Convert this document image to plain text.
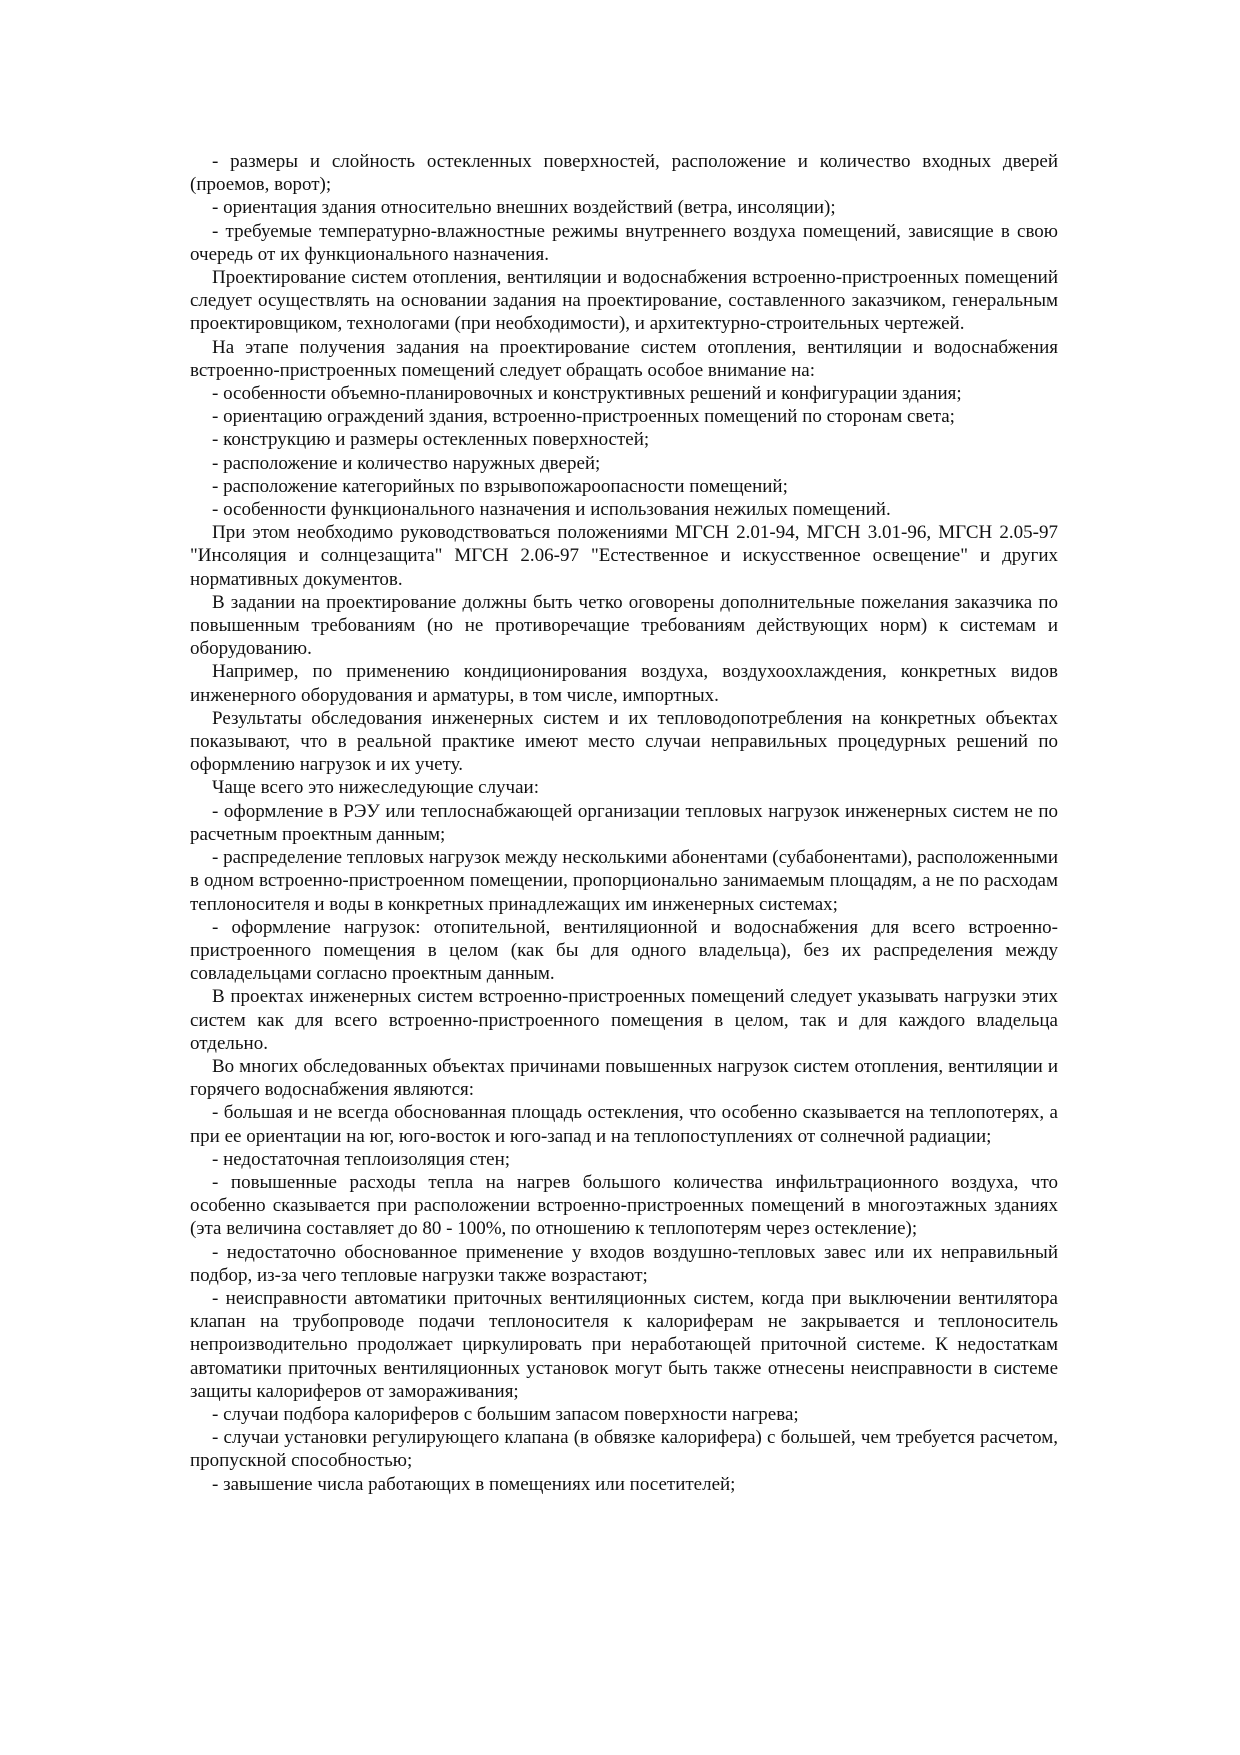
- размеры и слойность остекленных поверхностей, расположение и количество входных дверей (проемов, ворот);

- ориентация здания относительно внешних воздействий (ветра, инсоляции);

- требуемые температурно-влажностные режимы внутреннего воздуха помещений, зависящие в свою очередь от их функционального назначения.

Проектирование систем отопления, вентиляции и водоснабжения встроенно-пристроенных помещений следует осуществлять на основании задания на проектирование, составленного заказчиком, генеральным проектировщиком, технологами (при необходимости), и архитектурно-строительных чертежей.

На этапе получения задания на проектирование систем отопления, вентиляции и водоснабжения встроенно-пристроенных помещений следует обращать особое внимание на:

- особенности объемно-планировочных и конструктивных решений и конфигурации здания;

- ориентацию ограждений здания, встроенно-пристроенных помещений по сторонам света;

- конструкцию и размеры остекленных поверхностей;

- расположение и количество наружных дверей;

- расположение категорийных по взрывопожароопасности помещений;

- особенности функционального назначения и использования нежилых помещений.

При этом необходимо руководствоваться положениями МГСН 2.01-94, МГСН 3.01-96, МГСН 2.05-97 "Инсоляция и солнцезащита" МГСН 2.06-97 "Естественное и искусственное освещение" и других нормативных документов.

В задании на проектирование должны быть четко оговорены дополнительные пожелания заказчика по повышенным требованиям (но не противоречащие требованиям действующих норм) к системам и оборудованию.

Например, по применению кондиционирования воздуха, воздухоохлаждения, конкретных видов инженерного оборудования и арматуры, в том числе, импортных.

Результаты обследования инженерных систем и их тепловодопотребления на конкретных объектах показывают, что в реальной практике имеют место случаи неправильных процедурных решений по оформлению нагрузок и их учету.

Чаще всего это нижеследующие случаи:

- оформление в РЭУ или теплоснабжающей организации тепловых нагрузок инженерных систем не по расчетным проектным данным;

- распределение тепловых нагрузок между несколькими абонентами (субабонентами), расположенными в одном встроенно-пристроенном помещении, пропорционально занимаемым площадям, а не по расходам теплоносителя и воды в конкретных принадлежащих им инженерных системах;

- оформление нагрузок: отопительной, вентиляционной и водоснабжения для всего встроенно-пристроенного помещения в целом (как бы для одного владельца), без их распределения между совладельцами согласно проектным данным.

В проектах инженерных систем встроенно-пристроенных помещений следует указывать нагрузки этих систем как для всего встроенно-пристроенного помещения в целом, так и для каждого владельца отдельно.

Во многих обследованных объектах причинами повышенных нагрузок систем отопления, вентиляции и горячего водоснабжения являются:

- большая и не всегда обоснованная площадь остекления, что особенно сказывается на теплопотерях, а при ее ориентации на юг, юго-восток и юго-запад и на теплопоступлениях от солнечной радиации;

- недостаточная теплоизоляция стен;

- повышенные расходы тепла на нагрев большого количества инфильтрационного воздуха, что особенно сказывается при расположении встроенно-пристроенных помещений в многоэтажных зданиях (эта величина составляет до 80 - 100%, по отношению к теплопотерям через остекление);

- недостаточно обоснованное применение у входов воздушно-тепловых завес или их неправильный подбор, из-за чего тепловые нагрузки также возрастают;

- неисправности автоматики приточных вентиляционных систем, когда при выключении вентилятора клапан на трубопроводе подачи теплоносителя к калориферам не закрывается и теплоноситель непроизводительно продолжает циркулировать при неработающей приточной системе. К недостаткам автоматики приточных вентиляционных установок могут быть также отнесены неисправности в системе защиты калориферов от замораживания;

- случаи подбора калориферов с большим запасом поверхности нагрева;

- случаи установки регулирующего клапана (в обвязке калорифера) с большей, чем требуется расчетом, пропускной способностью;

- завышение числа работающих в помещениях или посетителей;
